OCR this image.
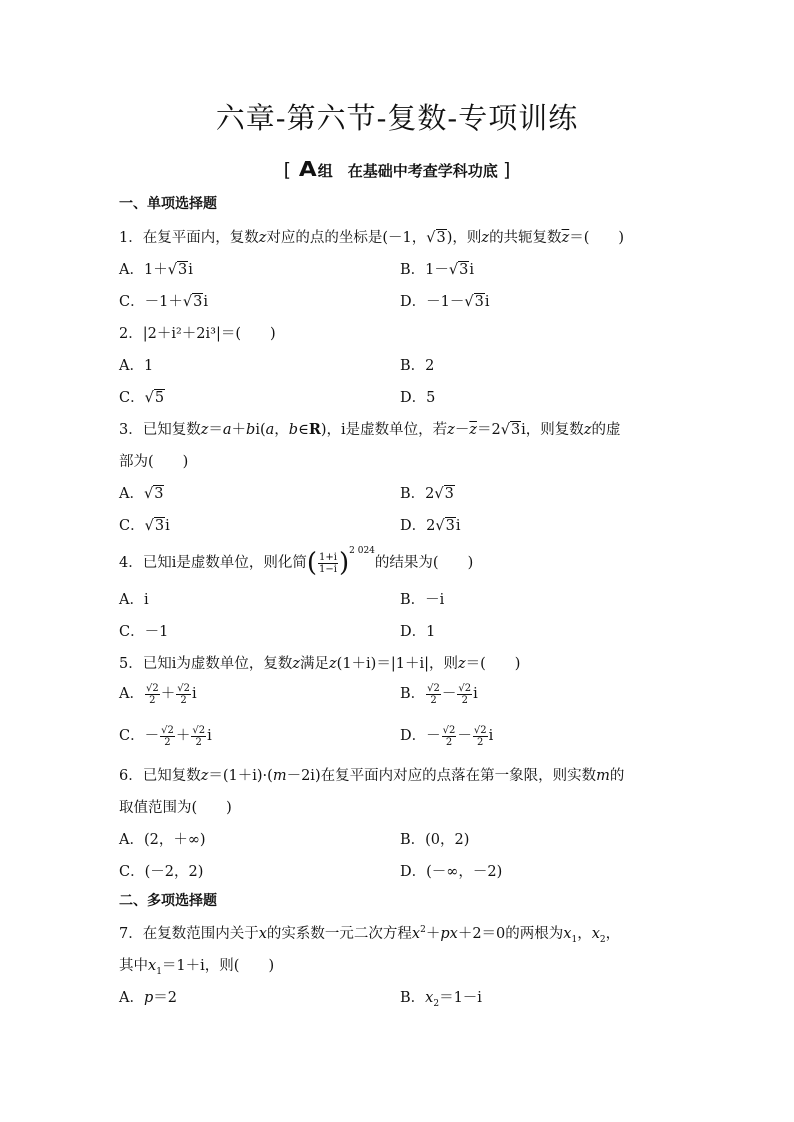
六章-第六节-复数-专项训练
[ A组　在基础中考查学科功底 ]
一、单项选择题
1．在复平面内，复数z对应的点的坐标是(－1，√3)，则z的共轭复数$\overline{z}=$(　　)
A．1＋√3i	B．1－√3i
C．－1＋√3i	D．－1－√3i
2．|2＋i²＋2i³|＝(　　)
A．1	B．2
C．√5	D．5
3．已知复数z＝a＋bi(a，b∈R)，i是虚数单位，若$z-\overline{z}=2√3i$，则复数z的虚
部为(　　)
A．√3	B．2√3
C．√3i	D．2√3i
4．已知i是虚数单位，则化简( $\frac{1+i}{1-i} )^{2 024}$的结果为(　　)
A．i	B．－i
C．－1	D．1
5．已知i为虚数单位，复数z满足z(1＋i)＝|1＋i|，则z＝(　　)
A． $\frac{√2}{2} + \frac{√2}{2}$ i	B． $\frac{√2}{2} - \frac{√2}{2}$ i
C．－ $\frac{√2}{2} + \frac{√2}{2}$ i	D．－ $\frac{√2}{2} - \frac{√2}{2}$ i
6．已知复数z＝(1＋i)·(m－2i)在复平面内对应的点落在第一象限，则实数m的
取值范围为(　　)
A．(2，＋∞)	B．(0，2)
C．(－2，2)	D．(－∞，－2)
二、多项选择题
7．在复数范围内关于x的实系数一元二次方程$x^2+px+2=0$的两根为$x_1$，$x_2$，
其中$x_1=1+i$，则(　　)
A．p＝2	B．$x_2=1-i$
